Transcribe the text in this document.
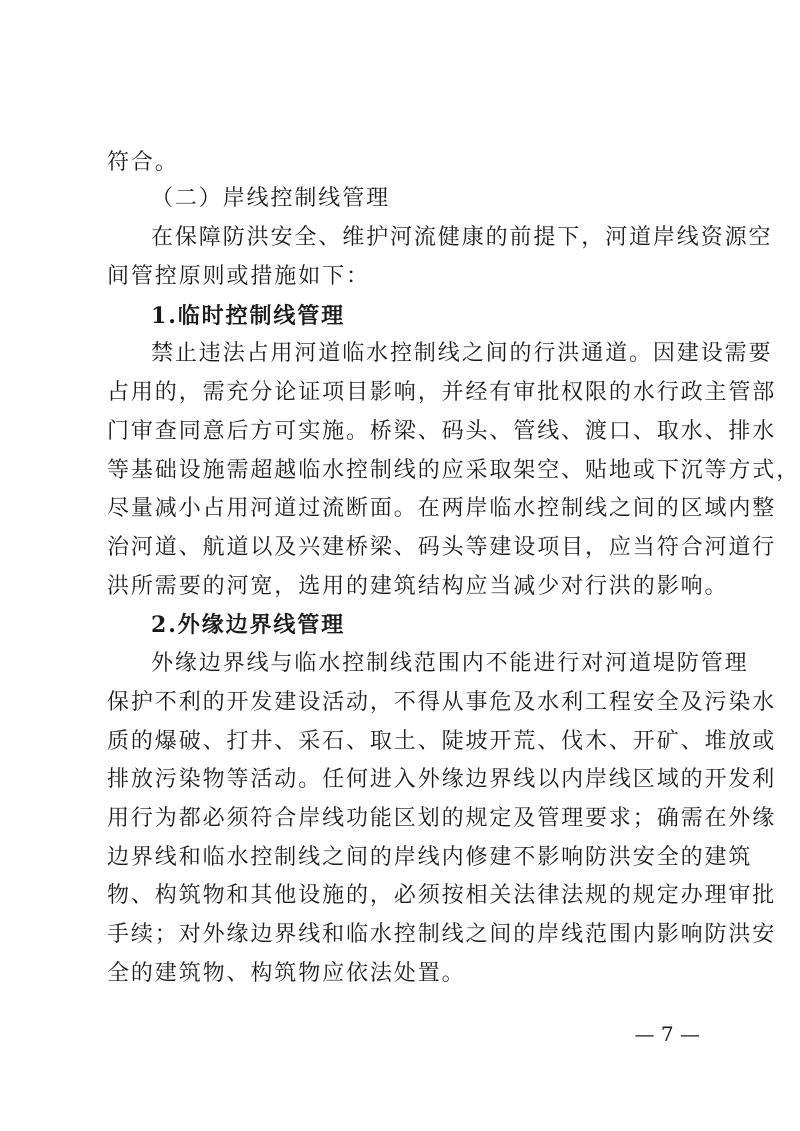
符合。
（二）岸线控制线管理
在保障防洪安全、维护河流健康的前提下，河道岸线资源空
间管控原则或措施如下：
1.临时控制线管理
禁止违法占用河道临水控制线之间的行洪通道。因建设需要
占用的，需充分论证项目影响，并经有审批权限的水行政主管部
门审查同意后方可实施。桥梁、码头、管线、渡口、取水、排水
等基础设施需超越临水控制线的应采取架空、贴地或下沉等方式，
尽量减小占用河道过流断面。在两岸临水控制线之间的区域内整
治河道、航道以及兴建桥梁、码头等建设项目，应当符合河道行
洪所需要的河宽，选用的建筑结构应当减少对行洪的影响。
2.外缘边界线管理
外缘边界线与临水控制线范围内不能进行对河道堤防管理
保护不利的开发建设活动，不得从事危及水利工程安全及污染水
质的爆破、打井、采石、取土、陡坡开荒、伐木、开矿、堆放或
排放污染物等活动。任何进入外缘边界线以内岸线区域的开发利
用行为都必须符合岸线功能区划的规定及管理要求；确需在外缘
边界线和临水控制线之间的岸线内修建不影响防洪安全的建筑
物、构筑物和其他设施的，必须按相关法律法规的规定办理审批
手续；对外缘边界线和临水控制线之间的岸线范围内影响防洪安
全的建筑物、构筑物应依法处置。
— 7 —
